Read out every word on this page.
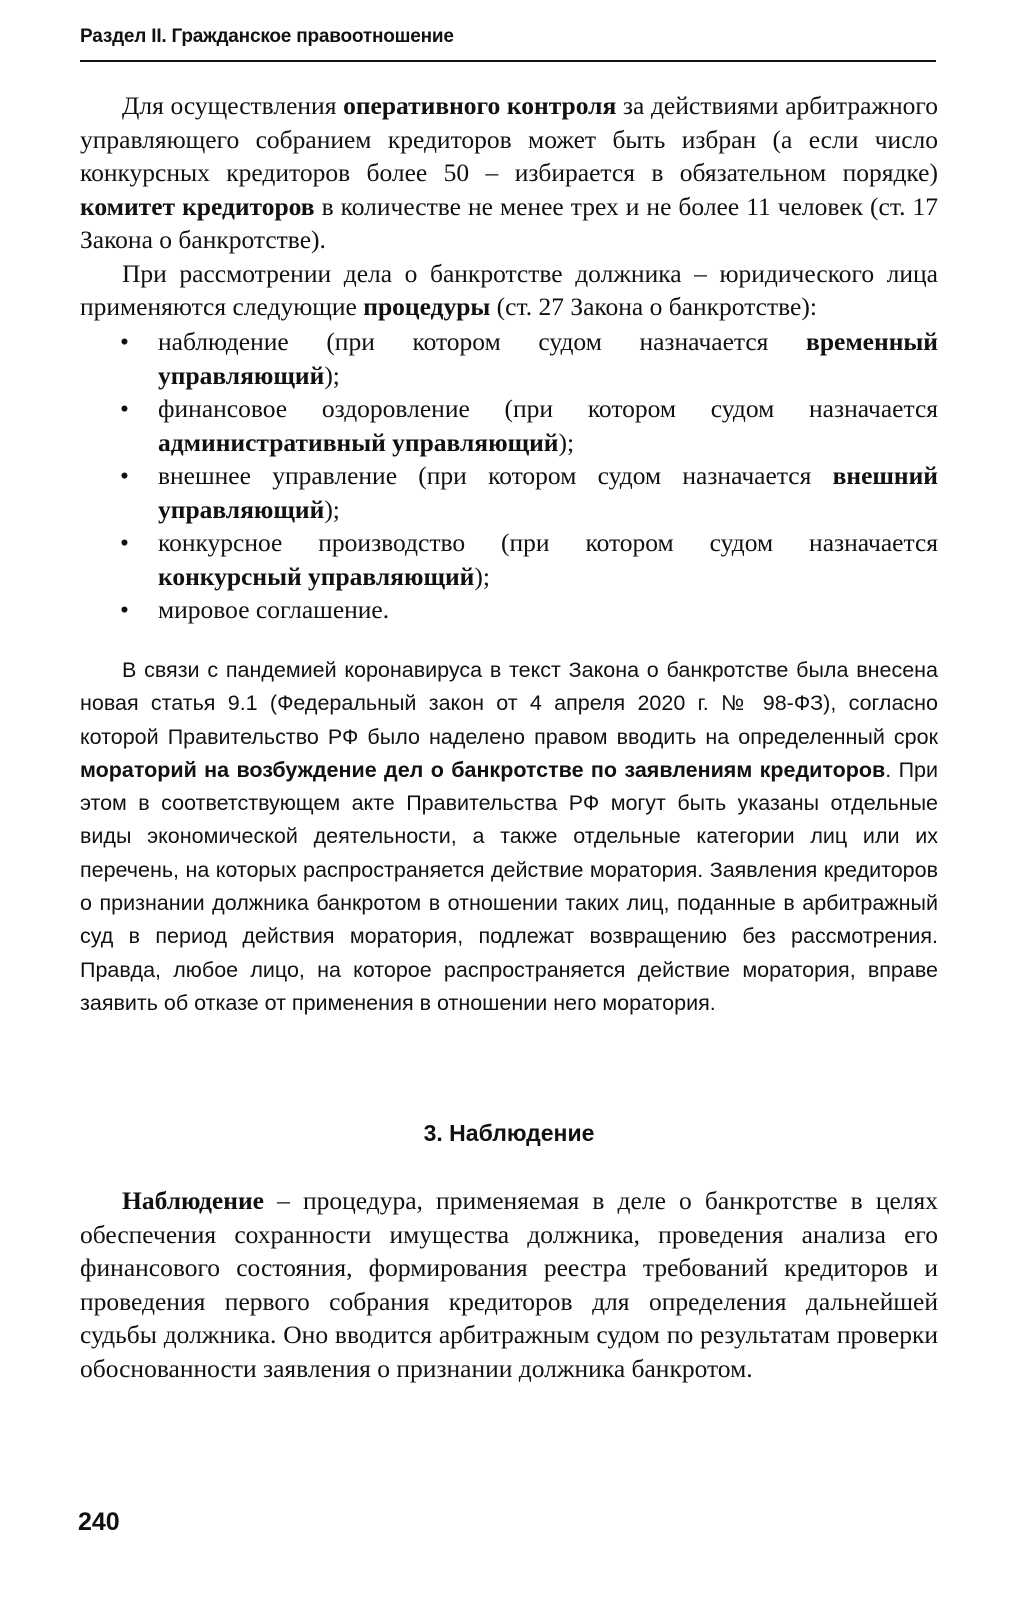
Раздел II. Гражданское правоотношение

Для осуществления оперативного контроля за действиями арбитражного управляющего собранием кредиторов может быть избран (а если число конкурсных кредиторов более 50 – избирается в обязательном порядке) комитет кредиторов в количестве не менее трех и не более 11 человек (ст. 17 Закона о банкротстве).

При рассмотрении дела о банкротстве должника – юридического лица применяются следующие процедуры (ст. 27 Закона о банкротстве):

• наблюдение (при котором судом назначается временный управляющий);
• финансовое оздоровление (при котором судом назначается административный управляющий);
• внешнее управление (при котором судом назначается внешний управляющий);
• конкурсное производство (при котором судом назначается конкурсный управляющий);
• мировое соглашение.

В связи с пандемией коронавируса в текст Закона о банкротстве была внесена новая статья 9.1 (Федеральный закон от 4 апреля 2020 г. № 98-ФЗ), согласно которой Правительство РФ было наделено правом вводить на определенный срок мораторий на возбуждение дел о банкротстве по заявлениям кредиторов. При этом в соответствующем акте Правительства РФ могут быть указаны отдельные виды экономической деятельности, а также отдельные категории лиц или их перечень, на которых распространяется действие моратория. Заявления кредиторов о признании должника банкротом в отношении таких лиц, поданные в арбитражный суд в период действия моратория, подлежат возвращению без рассмотрения. Правда, любое лицо, на которое распространяется действие моратория, вправе заявить об отказе от применения в отношении него моратория.

3. Наблюдение

Наблюдение – процедура, применяемая в деле о банкротстве в целях обеспечения сохранности имущества должника, проведения анализа его финансового состояния, формирования реестра требований кредиторов и проведения первого собрания кредиторов для определения дальнейшей судьбы должника. Оно вводится арбитражным судом по результатам проверки обоснованности заявления о признании должника банкротом.

240
